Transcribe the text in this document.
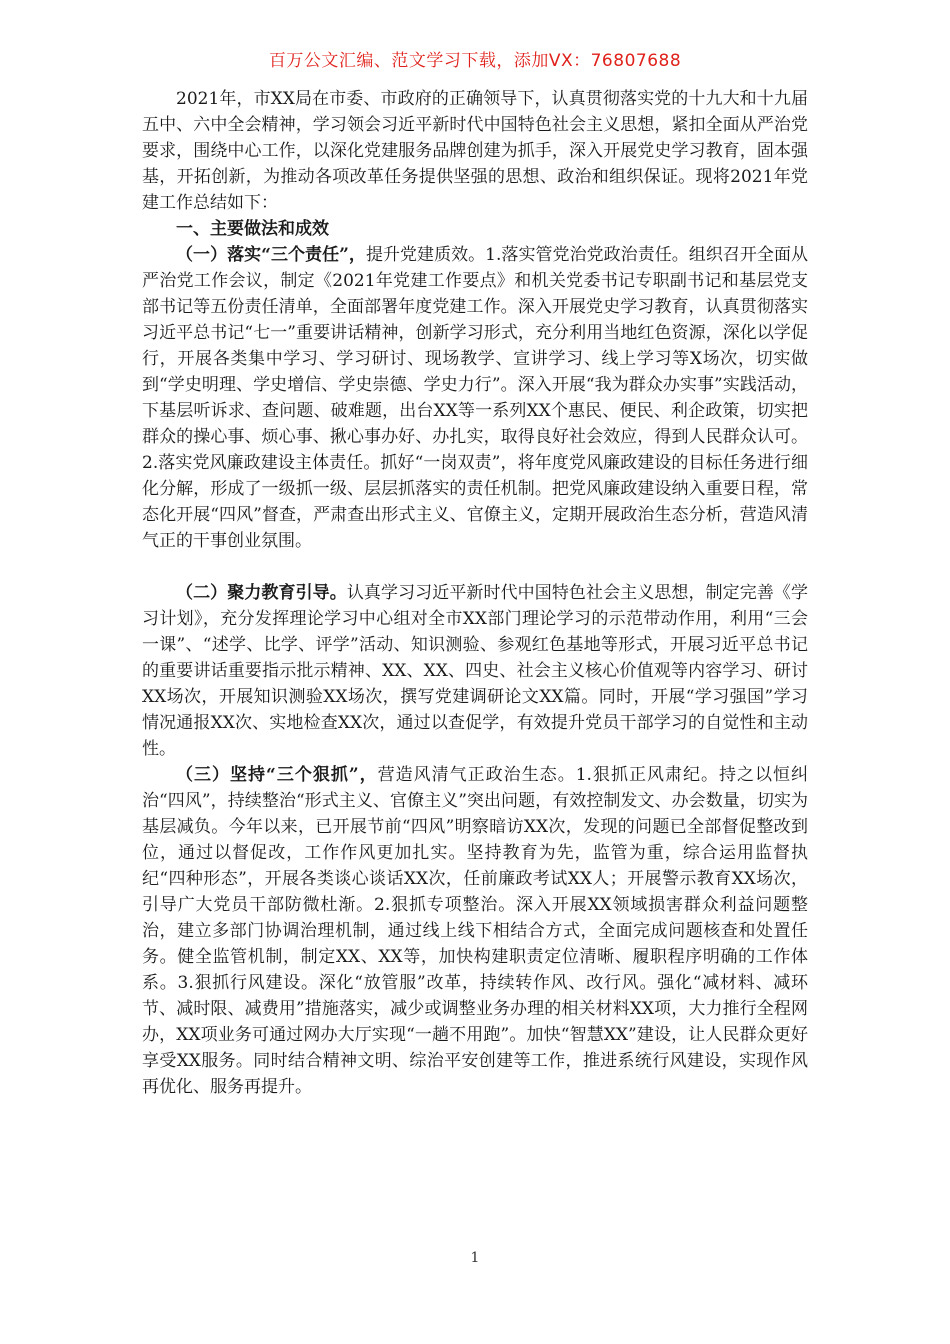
百万公文汇编、范文学习下载，添加VX：76807688

2021年，市XX局在市委、市政府的正确领导下，认真贯彻落实党的十九大和十九届五中、六中全会精神，学习领会习近平新时代中国特色社会主义思想，紧扣全面从严治党要求，围绕中心工作，以深化党建服务品牌创建为抓手，深入开展党史学习教育，固本强基，开拓创新，为推动各项改革任务提供坚强的思想、政治和组织保证。现将2021年党建工作总结如下：

一、主要做法和成效

（一）落实“三个责任”，提升党建质效。1.落实管党治党政治责任。组织召开全面从严治党工作会议，制定《2021年党建工作要点》和机关党委书记专职副书记和基层党支部书记等五份责任清单，全面部署年度党建工作。深入开展党史学习教育，认真贯彻落实习近平总书记“七一”重要讲话精神，创新学习形式，充分利用当地红色资源，深化以学促行，开展各类集中学习、学习研讨、现场教学、宣讲学习、线上学习等X场次，切实做到“学史明理、学史增信、学史崇德、学史力行”。深入开展“我为群众办实事”实践活动，下基层听诉求、查问题、破难题，出台XX等一系列XX个惠民、便民、利企政策，切实把群众的操心事、烦心事、揪心事办好、办扎实，取得良好社会效应，得到人民群众认可。2.落实党风廉政建设主体责任。抓好“一岗双责”，将年度党风廉政建设的目标任务进行细化分解，形成了一级抓一级、层层抓落实的责任机制。把党风廉政建设纳入重要日程，常态化开展“四风”督查，严肃查出形式主义、官僚主义，定期开展政治生态分析，营造风清气正的干事创业氛围。

（二）聚力教育引导。认真学习习近平新时代中国特色社会主义思想，制定完善《学习计划》，充分发挥理论学习中心组对全市XX部门理论学习的示范带动作用，利用“三会一课”、“述学、比学、评学”活动、知识测验、参观红色基地等形式，开展习近平总书记的重要讲话重要指示批示精神、XX、XX、四史、社会主义核心价值观等内容学习、研讨XX场次，开展知识测验XX场次，撰写党建调研论文XX篇。同时，开展“学习强国”学习情况通报XX次、实地检查XX次，通过以查促学，有效提升党员干部学习的自觉性和主动性。

（三）坚持“三个狠抓”，营造风清气正政治生态。1.狠抓正风肃纪。持之以恒纠治“四风”，持续整治“形式主义、官僚主义”突出问题，有效控制发文、办会数量，切实为基层减负。今年以来，已开展节前“四风”明察暗访XX次，发现的问题已全部督促整改到位，通过以督促改，工作作风更加扎实。坚持教育为先，监管为重，综合运用监督执纪“四种形态”，开展各类谈心谈话XX次，任前廉政考试XX人；开展警示教育XX场次，引导广大党员干部防微杜渐。2.狠抓专项整治。深入开展XX领域损害群众利益问题整治，建立多部门协调治理机制，通过线上线下相结合方式，全面完成问题核查和处置任务。健全监管机制，制定XX、XX等，加快构建职责定位清晰、履职程序明确的工作体系。3.狠抓行风建设。深化“放管服”改革，持续转作风、改行风。强化“减材料、减环节、减时限、减费用”措施落实，减少或调整业务办理的相关材料XX项，大力推行全程网办，XX项业务可通过网办大厅实现“一趟不用跑”。加快“智慧XX”建设，让人民群众更好享受XX服务。同时结合精神文明、综治平安创建等工作，推进系统行风建设，实现作风再优化、服务再提升。

1
